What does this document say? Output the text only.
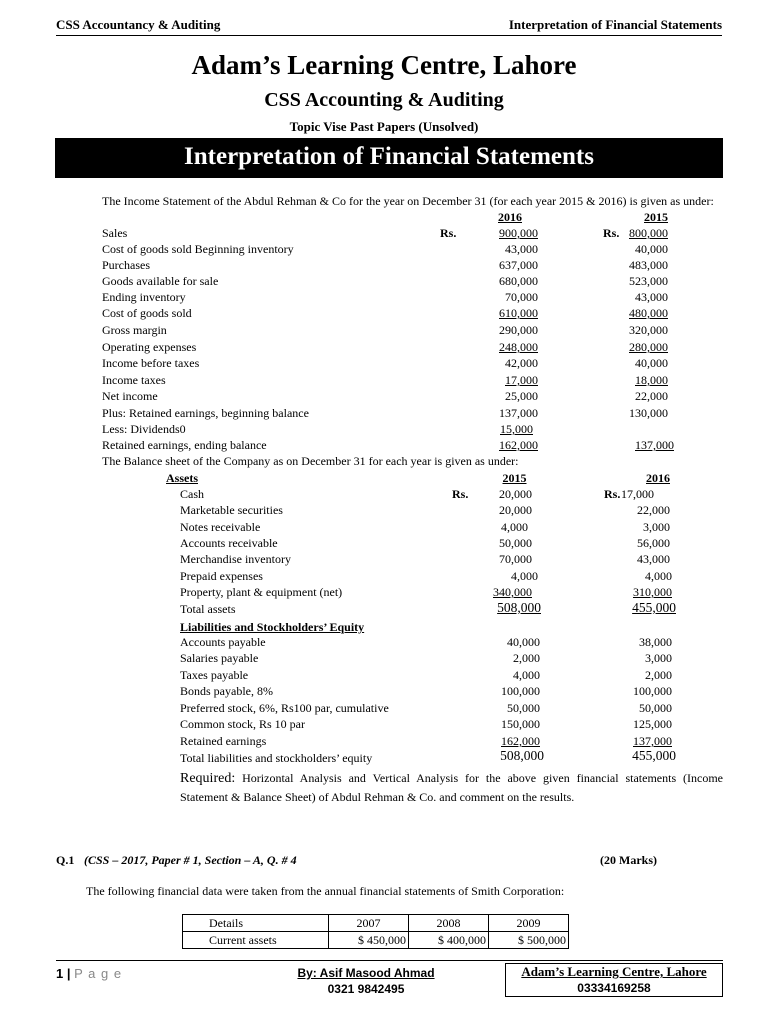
CSS Accountancy & Auditing	Interpretation of Financial Statements
Adam’s Learning Centre, Lahore
CSS Accounting & Auditing
Topic Vise Past Papers (Unsolved)
Interpretation of Financial Statements
The Income Statement of the Abdul Rehman & Co for the year on December 31 (for each year 2015 & 2016) is given as under:
2016	2015
Rs.	Rs.
Sales	900,000	800,000
Cost of goods sold Beginning inventory	43,000	40,000
Purchases	637,000	483,000
Goods available for sale	680,000	523,000
Ending inventory	70,000	43,000
Cost of goods sold	610,000	480,000
Gross margin	290,000	320,000
Operating expenses	248,000	280,000
Income before taxes	42,000	40,000
Income taxes	17,000	18,000
Net income	25,000	22,000
Plus: Retained earnings, beginning balance	137,000	130,000
Less: Dividends0	15,000
Retained earnings, ending balance	162,000	137,000
The Balance sheet of the Company as on December 31 for each year is given as under:
Assets	2015	2016
Rs.	Rs.
Cash	20,000	17,000
Marketable securities	20,000	22,000
Notes receivable	4,000	3,000
Accounts receivable	50,000	56,000
Merchandise inventory	70,000	43,000
Prepaid expenses	4,000	4,000
Property, plant & equipment (net)	340,000	310,000
Total assets	508,000	455,000
Liabilities and Stockholders’ Equity
Accounts payable	40,000	38,000
Salaries payable	2,000	3,000
Taxes payable	4,000	2,000
Bonds payable, 8%	100,000	100,000
Preferred stock, 6%, Rs100 par, cumulative	50,000	50,000
Common stock, Rs 10 par	150,000	125,000
Retained earnings	162,000	137,000
Total liabilities and stockholders’ equity	508,000	455,000
Required: Horizontal Analysis and Vertical Analysis for the above given financial statements (Income Statement & Balance Sheet) of Abdul Rehman & Co. and comment on the results.
Q.1 (CSS – 2017, Paper # 1, Section – A, Q. # 4	(20 Marks)
The following financial data were taken from the annual financial statements of Smith Corporation:
Details	2007	2008	2009
Current assets	$ 450,000	$ 400,000	$ 500,000
1 | P a g e	By: Asif Masood Ahmad
0321 9842495
Adam’s Learning Centre, Lahore
03334169258
